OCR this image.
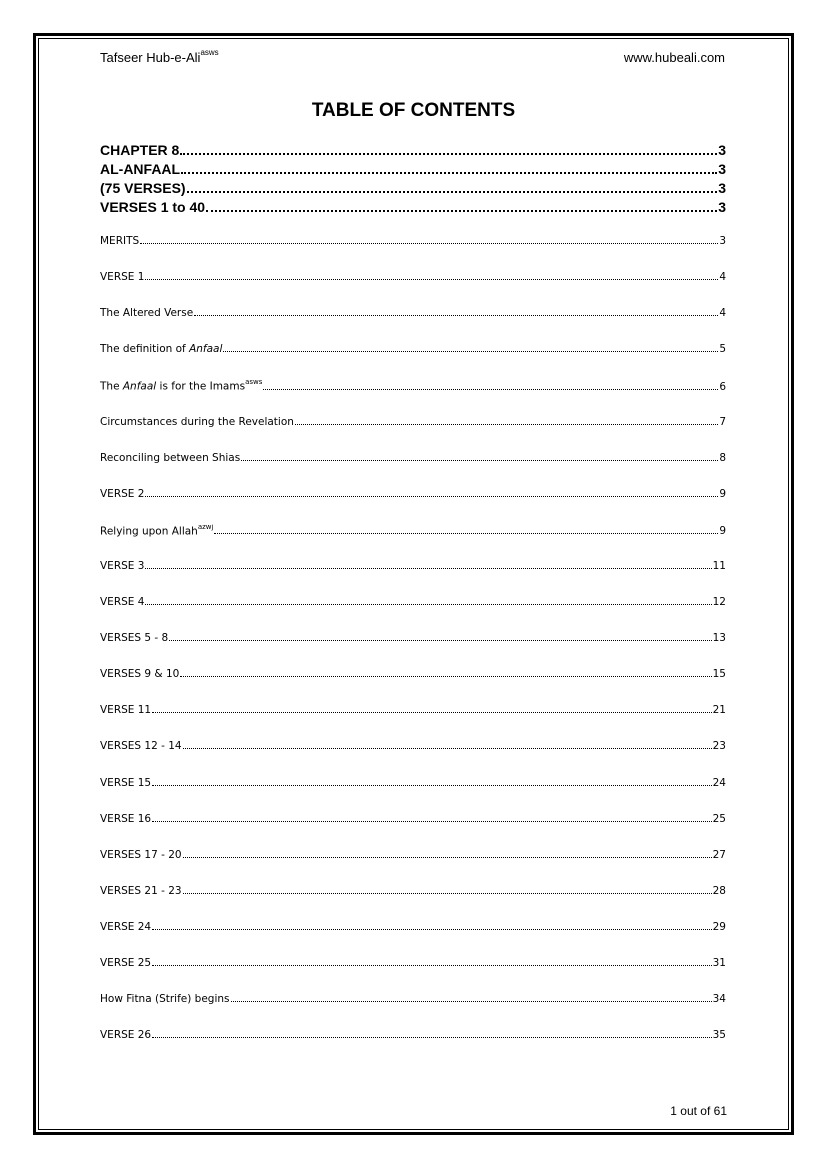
Tafseer Hub-e-Ali$^{asws}$	www.hubeali.com
TABLE OF CONTENTS
CHAPTER 8	3
AL-ANFAAL	3
(75 VERSES)	3
VERSES 1 to 40	3
MERITS	3
VERSE 1	4
The Altered Verse	4
The definition of Anfaal	5
The Anfaal is for the Imams$^{asws}$	6
Circumstances during the Revelation	7
Reconciling between Shias	8
VERSE 2	9
Relying upon Allah$^{azwj}$	9
VERSE 3	11
VERSE 4	12
VERSES 5 - 8	13
VERSES 9 & 10	15
VERSE 11	21
VERSES 12 - 14	23
VERSE 15	24
VERSE 16	25
VERSES 17 - 20	27
VERSES 21 - 23	28
VERSE 24	29
VERSE 25	31
How Fitna (Strife) begins	34
VERSE 26	35
1 out of 61
